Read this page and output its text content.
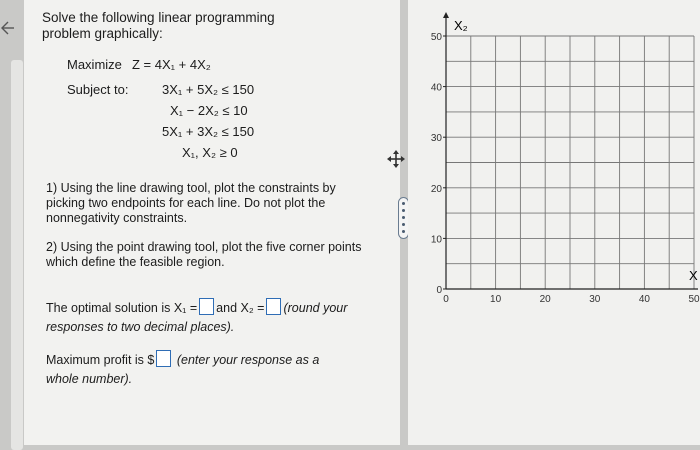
Solve the following linear programming
problem graphically:
Maximize Z = 4X₁ + 4X₂
Subject to:	3X₁ + 5X₂ ≤ 150
X₁ − 2X₂ ≤ 10
5X₁ + 3X₂ ≤ 150
X₁, X₂ ≥ 0
1) Using the line drawing tool, plot the constraints by
picking two endpoints for each line. Do not plot the
nonnegativity constraints.
2) Using the point drawing tool, plot the five corner points
which define the feasible region.
The optimal solution is X₁ = and X₂ = (round your
responses to two decimal places).
Maximum profit is $ (enter your response as a
whole number).
50
40
30
20
10
0
0	10	20	30	40	50
X₂
X
